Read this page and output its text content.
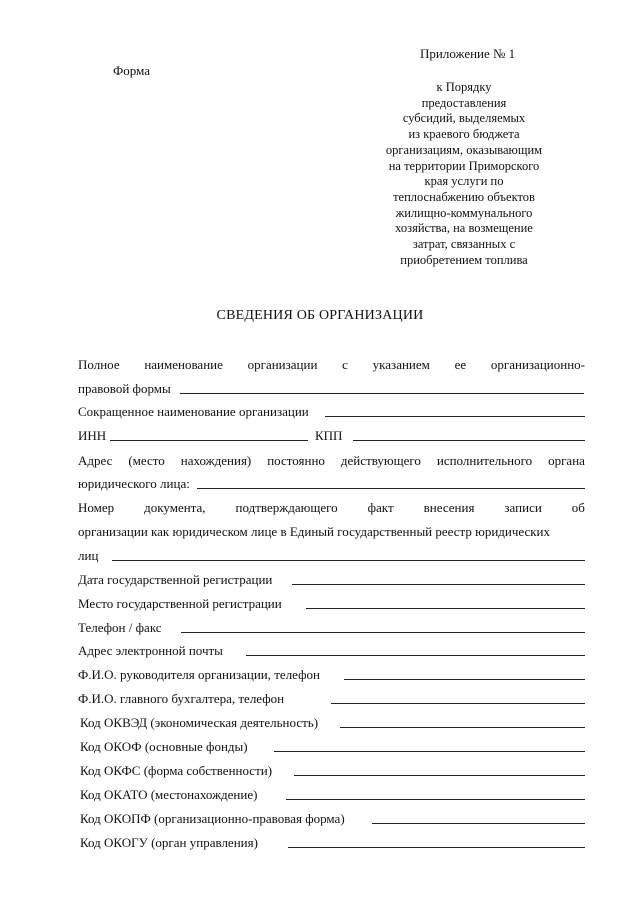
Приложение № 1
Форма
к Порядку
предоставления
субсидий, выделяемых
из краевого бюджета
организациям, оказывающим
на территории Приморского
края услуги по
теплоснабжению объектов
жилищно-коммунального
хозяйства, на возмещение
затрат, связанных с
приобретением топлива
СВЕДЕНИЯ ОБ ОРГАНИЗАЦИИ
Полное наименование организации с указанием ее организационно-
правовой формы
Сокращенное наименование организации
ИНН	КПП
Адрес (место нахождения) постоянно действующего исполнительного органа
юридического лица:
Номер документа, подтверждающего факт внесения записи об
организации как юридическом лице в Единый государственный реестр юридических
лиц
Дата государственной регистрации
Место государственной регистрации
Телефон / факс
Адрес электронной почты
Ф.И.О. руководителя организации, телефон
Ф.И.О. главного бухгалтера, телефон
Код ОКВЭД (экономическая деятельность)
Код ОКОФ (основные фонды)
Код ОКФС (форма собственности)
Код ОКАТО (местонахождение)
Код ОКОПФ (организационно-правовая форма)
Код ОКОГУ (орган управления)
